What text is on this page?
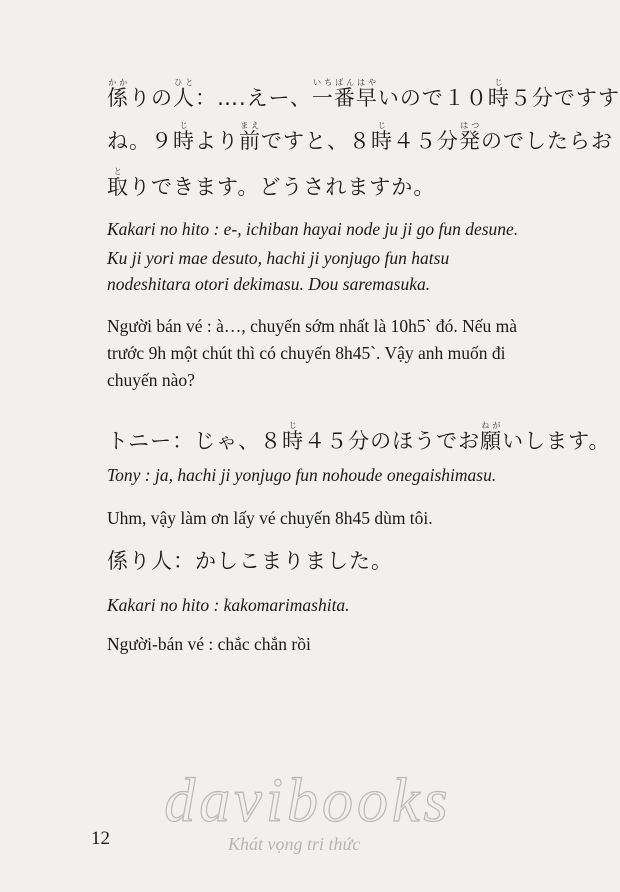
係かかりの人ひと：….えー、一番早いちばんはやいので１０時じ５分ですす
ね。９時じより前まえですと、８時じ４５分発はつのでしたらお
取とりできます。どうされますか。
Kakari no hito : e-, ichiban hayai node ju ji go fun desune.
Ku ji yori mae desuto, hachi ji yonjugo fun hatsu
nodeshitara otori dekimasu. Dou saremasuka.
Người bán vé : à…, chuyến sớm nhất là 10h5` đó. Nếu mà
trước 9h một chút thì có chuyến 8h45`. Vậy anh muốn đi
chuyến nào?
トニー：じゃ、８時じ４５分のほうでお願ねがいします。
Tony : ja, hachi ji yonjugo fun nohoude onegaishimasu.
Uhm, vậy làm ơn lấy vé chuyến 8h45 dùm tôi.
係り人：かしこまりました。
Kakari no hito : kakomarimashita.
Người-bán vé : chắc chắn rồi
davibooks
Khát vọng tri thức
12
